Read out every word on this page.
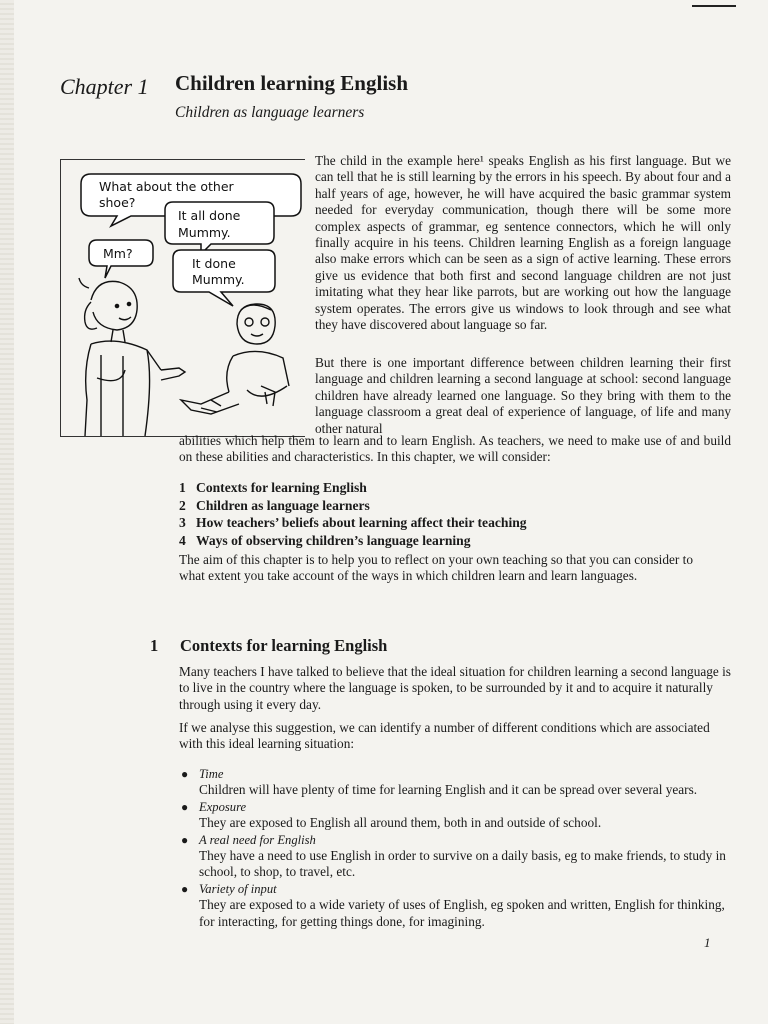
Chapter 1 Children learning English
Children as language learners
What about the other
shoe?
It all done
Mummy.
Mm?
It done
Mummy.

The child in the example here¹ speaks English as his first language. But we can tell that he is still learning by the errors in his speech. By about four and a half years of age, however, he will have acquired the basic grammar system needed for everyday communication, though there will be some more complex aspects of grammar, eg sentence connectors, which he will only finally acquire in his teens. Children learning English as a foreign language also make errors which can be seen as a sign of active learning. These errors give us evidence that both first and second language children are not just imitating what they hear like parrots, but are working out how the language system operates. The errors give us windows to look through and see what they have discovered about language so far.

But there is one important difference between children learning their first language and children learning a second language at school: second language children have already learned one language. So they bring with them to the language classroom a great deal of experience of language, of life and many other natural

abilities which help them to learn and to learn English. As teachers, we need to make use of and build on these abilities and characteristics. In this chapter, we will consider:

1 Contexts for learning English
2 Children as language learners
3 How teachers’ beliefs about learning affect their teaching
4 Ways of observing children’s language learning

The aim of this chapter is to help you to reflect on your own teaching so that you can consider to what extent you take account of the ways in which children learn and learn languages.

1 Contexts for learning English

Many teachers I have talked to believe that the ideal situation for children learning a second language is to live in the country where the language is spoken, to be surrounded by it and to acquire it naturally through using it every day.

If we analyse this suggestion, we can identify a number of different conditions which are associated with this ideal learning situation:

● Time
Children will have plenty of time for learning English and it can be spread over several years.
● Exposure
They are exposed to English all around them, both in and outside of school.
● A real need for English
They have a need to use English in order to survive on a daily basis, eg to make friends, to study in school, to shop, to travel, etc.
● Variety of input
They are exposed to a wide variety of uses of English, eg spoken and written, English for thinking, for interacting, for getting things done, for imagining.
1
